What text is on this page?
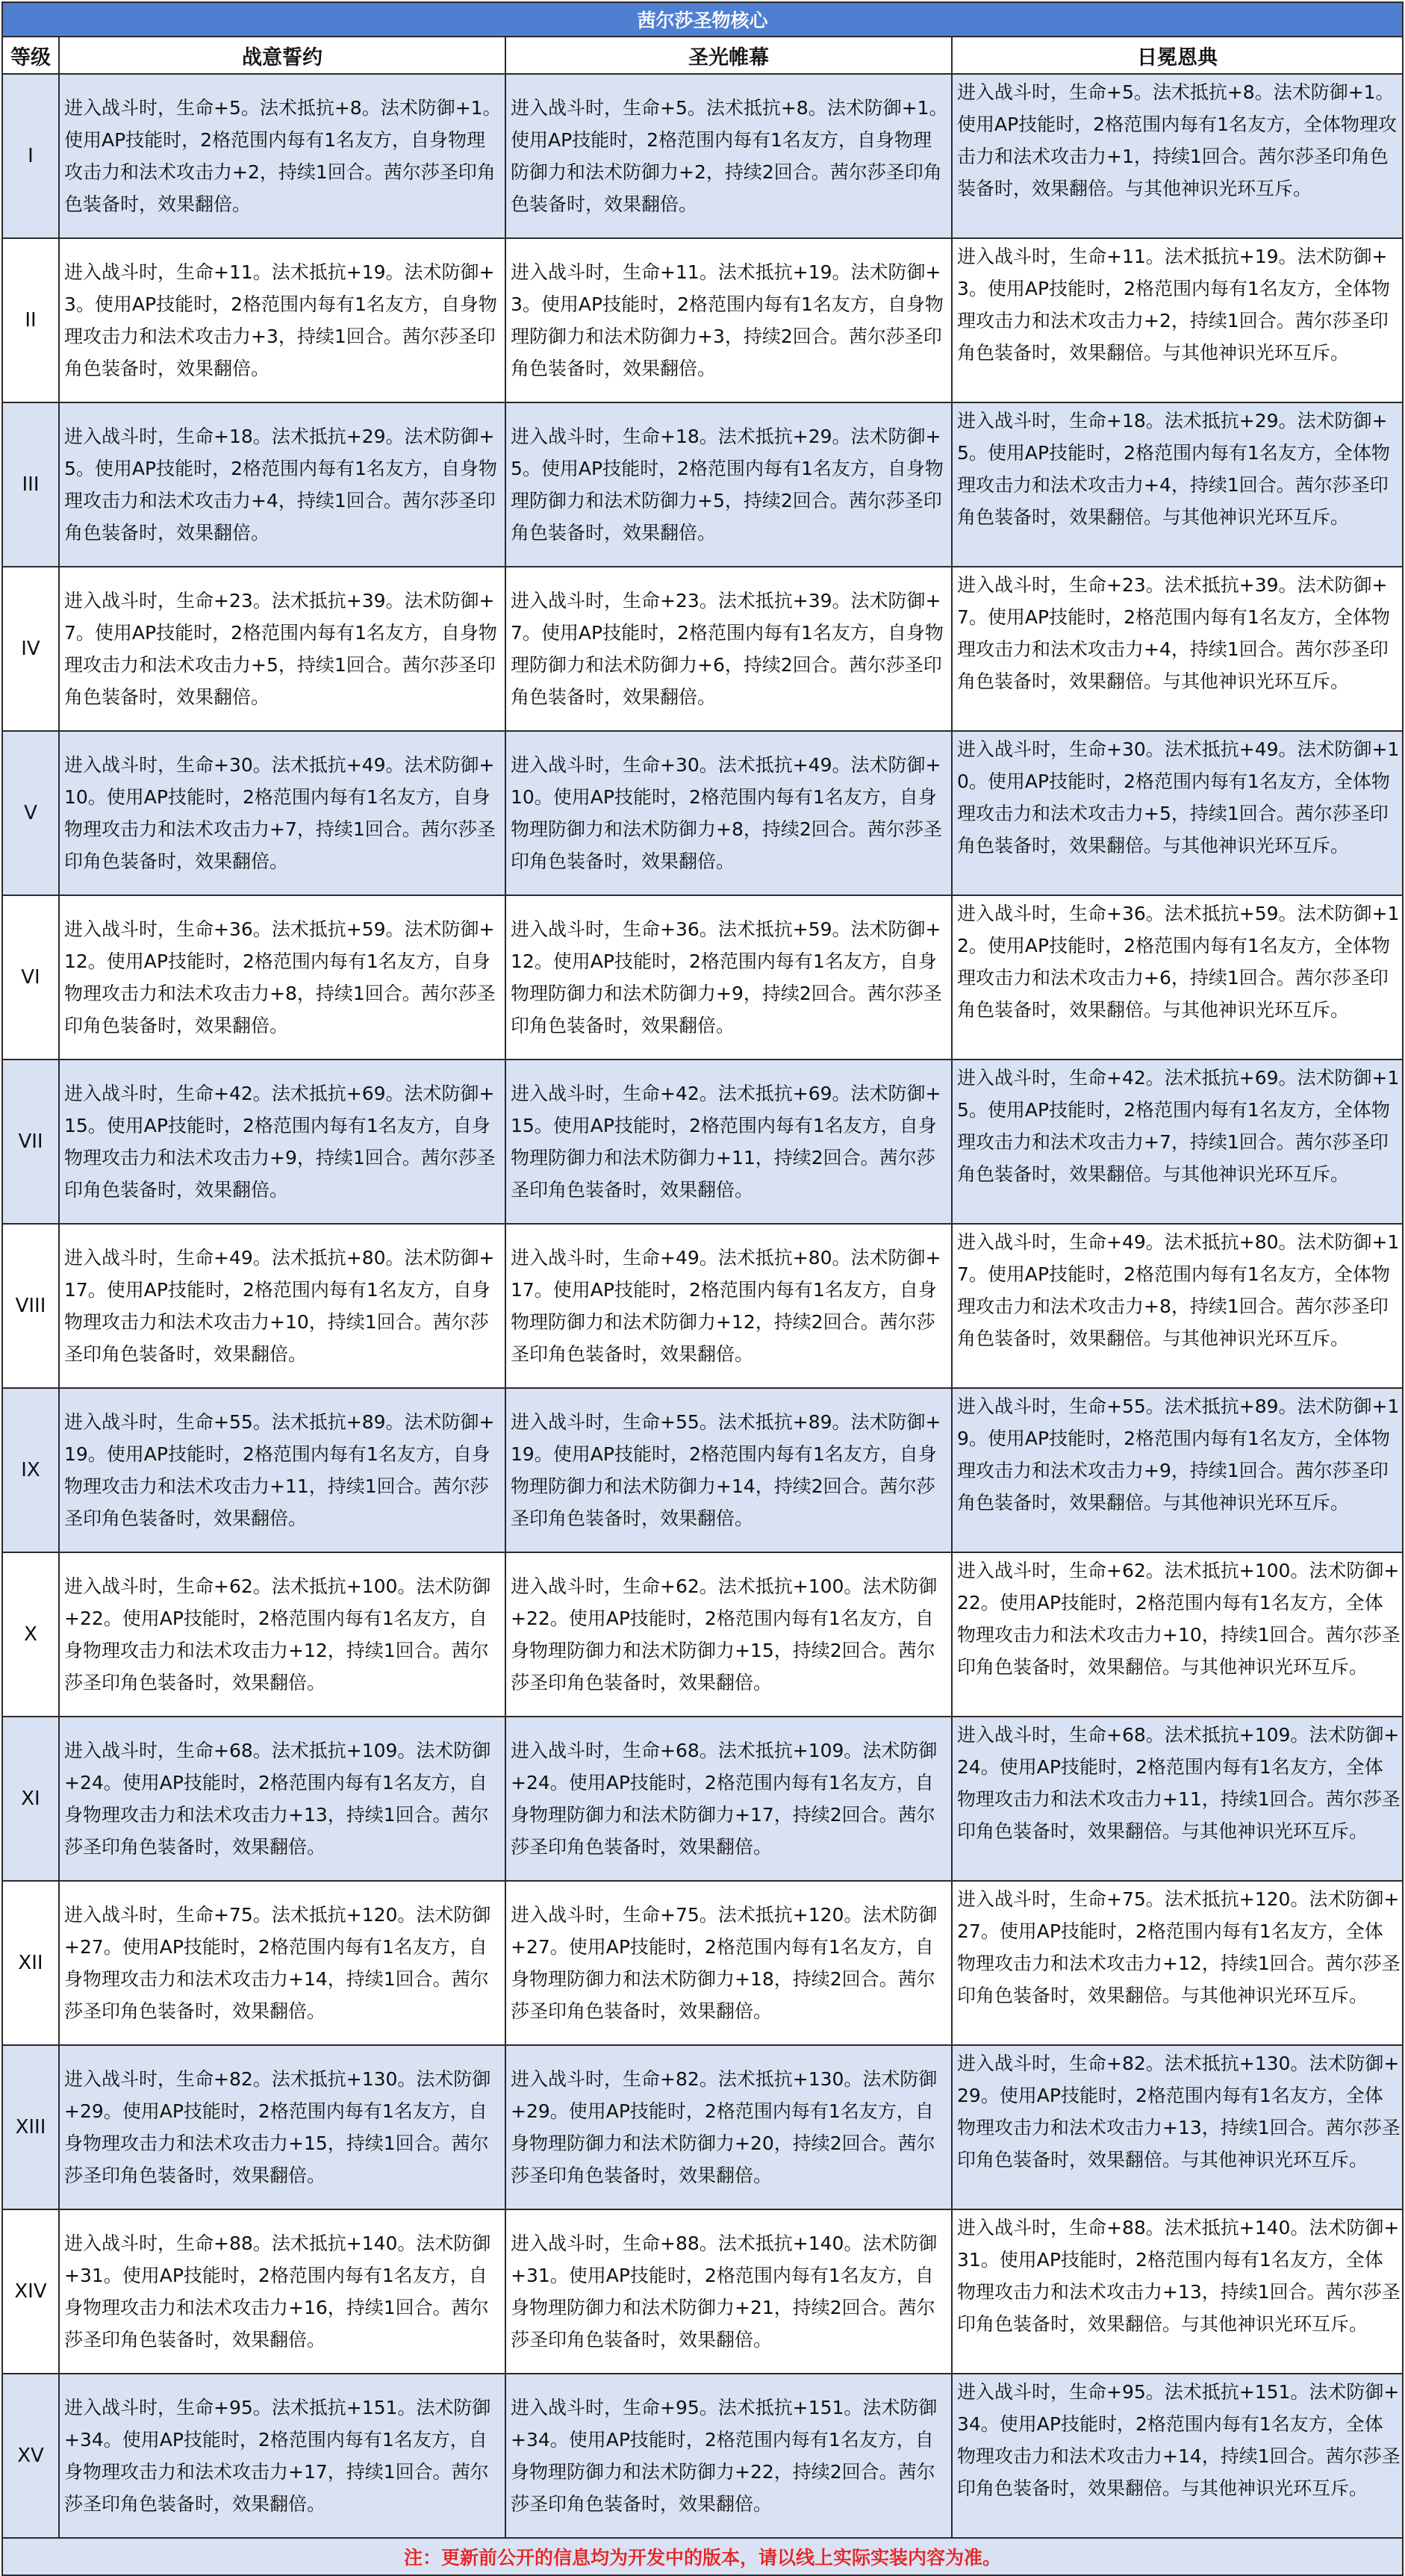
茜尔莎圣物核心			
等级	战意誓约	圣光帷幕	日冕恩典
I	进入战斗时，生命+5。法术抵抗+8。法术防御+1。使用AP技能时，2格范围内每有1名友方，自身物理攻击力和法术攻击力+2，持续1回合。茜尔莎圣印角色装备时，效果翻倍。	进入战斗时，生命+5。法术抵抗+8。法术防御+1。使用AP技能时，2格范围内每有1名友方，自身物理防御力和法术防御力+2，持续2回合。茜尔莎圣印角色装备时，效果翻倍。	进入战斗时，生命+5。法术抵抗+8。法术防御+1。使用AP技能时，2格范围内每有1名友方，全体物理攻击力和法术攻击力+1，持续1回合。茜尔莎圣印角色装备时，效果翻倍。与其他神识光环互斥。
II	进入战斗时，生命+11。法术抵抗+19。法术防御+3。使用AP技能时，2格范围内每有1名友方，自身物理攻击力和法术攻击力+3，持续1回合。茜尔莎圣印角色装备时，效果翻倍。	进入战斗时，生命+11。法术抵抗+19。法术防御+3。使用AP技能时，2格范围内每有1名友方，自身物理防御力和法术防御力+3，持续2回合。茜尔莎圣印角色装备时，效果翻倍。	进入战斗时，生命+11。法术抵抗+19。法术防御+3。使用AP技能时，2格范围内每有1名友方，全体物理攻击力和法术攻击力+2，持续1回合。茜尔莎圣印角色装备时，效果翻倍。与其他神识光环互斥。
III	进入战斗时，生命+18。法术抵抗+29。法术防御+5。使用AP技能时，2格范围内每有1名友方，自身物理攻击力和法术攻击力+4，持续1回合。茜尔莎圣印角色装备时，效果翻倍。	进入战斗时，生命+18。法术抵抗+29。法术防御+5。使用AP技能时，2格范围内每有1名友方，自身物理防御力和法术防御力+5，持续2回合。茜尔莎圣印角色装备时，效果翻倍。	进入战斗时，生命+18。法术抵抗+29。法术防御+5。使用AP技能时，2格范围内每有1名友方，全体物理攻击力和法术攻击力+4，持续1回合。茜尔莎圣印角色装备时，效果翻倍。与其他神识光环互斥。
IV	进入战斗时，生命+23。法术抵抗+39。法术防御+7。使用AP技能时，2格范围内每有1名友方，自身物理攻击力和法术攻击力+5，持续1回合。茜尔莎圣印角色装备时，效果翻倍。	进入战斗时，生命+23。法术抵抗+39。法术防御+7。使用AP技能时，2格范围内每有1名友方，自身物理防御力和法术防御力+6，持续2回合。茜尔莎圣印角色装备时，效果翻倍。	进入战斗时，生命+23。法术抵抗+39。法术防御+7。使用AP技能时，2格范围内每有1名友方，全体物理攻击力和法术攻击力+4，持续1回合。茜尔莎圣印角色装备时，效果翻倍。与其他神识光环互斥。
V	进入战斗时，生命+30。法术抵抗+49。法术防御+10。使用AP技能时，2格范围内每有1名友方，自身物理攻击力和法术攻击力+7，持续1回合。茜尔莎圣印角色装备时，效果翻倍。	进入战斗时，生命+30。法术抵抗+49。法术防御+10。使用AP技能时，2格范围内每有1名友方，自身物理防御力和法术防御力+8，持续2回合。茜尔莎圣印角色装备时，效果翻倍。	进入战斗时，生命+30。法术抵抗+49。法术防御+10。使用AP技能时，2格范围内每有1名友方，全体物理攻击力和法术攻击力+5，持续1回合。茜尔莎圣印角色装备时，效果翻倍。与其他神识光环互斥。
VI	进入战斗时，生命+36。法术抵抗+59。法术防御+12。使用AP技能时，2格范围内每有1名友方，自身物理攻击力和法术攻击力+8，持续1回合。茜尔莎圣印角色装备时，效果翻倍。	进入战斗时，生命+36。法术抵抗+59。法术防御+12。使用AP技能时，2格范围内每有1名友方，自身物理防御力和法术防御力+9，持续2回合。茜尔莎圣印角色装备时，效果翻倍。	进入战斗时，生命+36。法术抵抗+59。法术防御+12。使用AP技能时，2格范围内每有1名友方，全体物理攻击力和法术攻击力+6，持续1回合。茜尔莎圣印角色装备时，效果翻倍。与其他神识光环互斥。
VII	进入战斗时，生命+42。法术抵抗+69。法术防御+15。使用AP技能时，2格范围内每有1名友方，自身物理攻击力和法术攻击力+9，持续1回合。茜尔莎圣印角色装备时，效果翻倍。	进入战斗时，生命+42。法术抵抗+69。法术防御+15。使用AP技能时，2格范围内每有1名友方，自身物理防御力和法术防御力+11，持续2回合。茜尔莎圣印角色装备时，效果翻倍。	进入战斗时，生命+42。法术抵抗+69。法术防御+15。使用AP技能时，2格范围内每有1名友方，全体物理攻击力和法术攻击力+7，持续1回合。茜尔莎圣印角色装备时，效果翻倍。与其他神识光环互斥。
VIII	进入战斗时，生命+49。法术抵抗+80。法术防御+17。使用AP技能时，2格范围内每有1名友方，自身物理攻击力和法术攻击力+10，持续1回合。茜尔莎圣印角色装备时，效果翻倍。	进入战斗时，生命+49。法术抵抗+80。法术防御+17。使用AP技能时，2格范围内每有1名友方，自身物理防御力和法术防御力+12，持续2回合。茜尔莎圣印角色装备时，效果翻倍。	进入战斗时，生命+49。法术抵抗+80。法术防御+17。使用AP技能时，2格范围内每有1名友方，全体物理攻击力和法术攻击力+8，持续1回合。茜尔莎圣印角色装备时，效果翻倍。与其他神识光环互斥。
IX	进入战斗时，生命+55。法术抵抗+89。法术防御+19。使用AP技能时，2格范围内每有1名友方，自身物理攻击力和法术攻击力+11，持续1回合。茜尔莎圣印角色装备时，效果翻倍。	进入战斗时，生命+55。法术抵抗+89。法术防御+19。使用AP技能时，2格范围内每有1名友方，自身物理防御力和法术防御力+14，持续2回合。茜尔莎圣印角色装备时，效果翻倍。	进入战斗时，生命+55。法术抵抗+89。法术防御+19。使用AP技能时，2格范围内每有1名友方，全体物理攻击力和法术攻击力+9，持续1回合。茜尔莎圣印角色装备时，效果翻倍。与其他神识光环互斥。
X	进入战斗时，生命+62。法术抵抗+100。法术防御+22。使用AP技能时，2格范围内每有1名友方，自身物理攻击力和法术攻击力+12，持续1回合。茜尔莎圣印角色装备时，效果翻倍。	进入战斗时，生命+62。法术抵抗+100。法术防御+22。使用AP技能时，2格范围内每有1名友方，自身物理防御力和法术防御力+15，持续2回合。茜尔莎圣印角色装备时，效果翻倍。	进入战斗时，生命+62。法术抵抗+100。法术防御+22。使用AP技能时，2格范围内每有1名友方，全体物理攻击力和法术攻击力+10，持续1回合。茜尔莎圣印角色装备时，效果翻倍。与其他神识光环互斥。
XI	进入战斗时，生命+68。法术抵抗+109。法术防御+24。使用AP技能时，2格范围内每有1名友方，自身物理攻击力和法术攻击力+13，持续1回合。茜尔莎圣印角色装备时，效果翻倍。	进入战斗时，生命+68。法术抵抗+109。法术防御+24。使用AP技能时，2格范围内每有1名友方，自身物理防御力和法术防御力+17，持续2回合。茜尔莎圣印角色装备时，效果翻倍。	进入战斗时，生命+68。法术抵抗+109。法术防御+24。使用AP技能时，2格范围内每有1名友方，全体物理攻击力和法术攻击力+11，持续1回合。茜尔莎圣印角色装备时，效果翻倍。与其他神识光环互斥。
XII	进入战斗时，生命+75。法术抵抗+120。法术防御+27。使用AP技能时，2格范围内每有1名友方，自身物理攻击力和法术攻击力+14，持续1回合。茜尔莎圣印角色装备时，效果翻倍。	进入战斗时，生命+75。法术抵抗+120。法术防御+27。使用AP技能时，2格范围内每有1名友方，自身物理防御力和法术防御力+18，持续2回合。茜尔莎圣印角色装备时，效果翻倍。	进入战斗时，生命+75。法术抵抗+120。法术防御+27。使用AP技能时，2格范围内每有1名友方，全体物理攻击力和法术攻击力+12，持续1回合。茜尔莎圣印角色装备时，效果翻倍。与其他神识光环互斥。
XIII	进入战斗时，生命+82。法术抵抗+130。法术防御+29。使用AP技能时，2格范围内每有1名友方，自身物理攻击力和法术攻击力+15，持续1回合。茜尔莎圣印角色装备时，效果翻倍。	进入战斗时，生命+82。法术抵抗+130。法术防御+29。使用AP技能时，2格范围内每有1名友方，自身物理防御力和法术防御力+20，持续2回合。茜尔莎圣印角色装备时，效果翻倍。	进入战斗时，生命+82。法术抵抗+130。法术防御+29。使用AP技能时，2格范围内每有1名友方，全体物理攻击力和法术攻击力+13，持续1回合。茜尔莎圣印角色装备时，效果翻倍。与其他神识光环互斥。
XIV	进入战斗时，生命+88。法术抵抗+140。法术防御+31。使用AP技能时，2格范围内每有1名友方，自身物理攻击力和法术攻击力+16，持续1回合。茜尔莎圣印角色装备时，效果翻倍。	进入战斗时，生命+88。法术抵抗+140。法术防御+31。使用AP技能时，2格范围内每有1名友方，自身物理防御力和法术防御力+21，持续2回合。茜尔莎圣印角色装备时，效果翻倍。	进入战斗时，生命+88。法术抵抗+140。法术防御+31。使用AP技能时，2格范围内每有1名友方，全体物理攻击力和法术攻击力+13，持续1回合。茜尔莎圣印角色装备时，效果翻倍。与其他神识光环互斥。
XV	进入战斗时，生命+95。法术抵抗+151。法术防御+34。使用AP技能时，2格范围内每有1名友方，自身物理攻击力和法术攻击力+17，持续1回合。茜尔莎圣印角色装备时，效果翻倍。	进入战斗时，生命+95。法术抵抗+151。法术防御+34。使用AP技能时，2格范围内每有1名友方，自身物理防御力和法术防御力+22，持续2回合。茜尔莎圣印角色装备时，效果翻倍。	进入战斗时，生命+95。法术抵抗+151。法术防御+34。使用AP技能时，2格范围内每有1名友方，全体物理攻击力和法术攻击力+14，持续1回合。茜尔莎圣印角色装备时，效果翻倍。与其他神识光环互斥。
注：更新前公开的信息均为开发中的版本，请以线上实际实装内容为准。			
